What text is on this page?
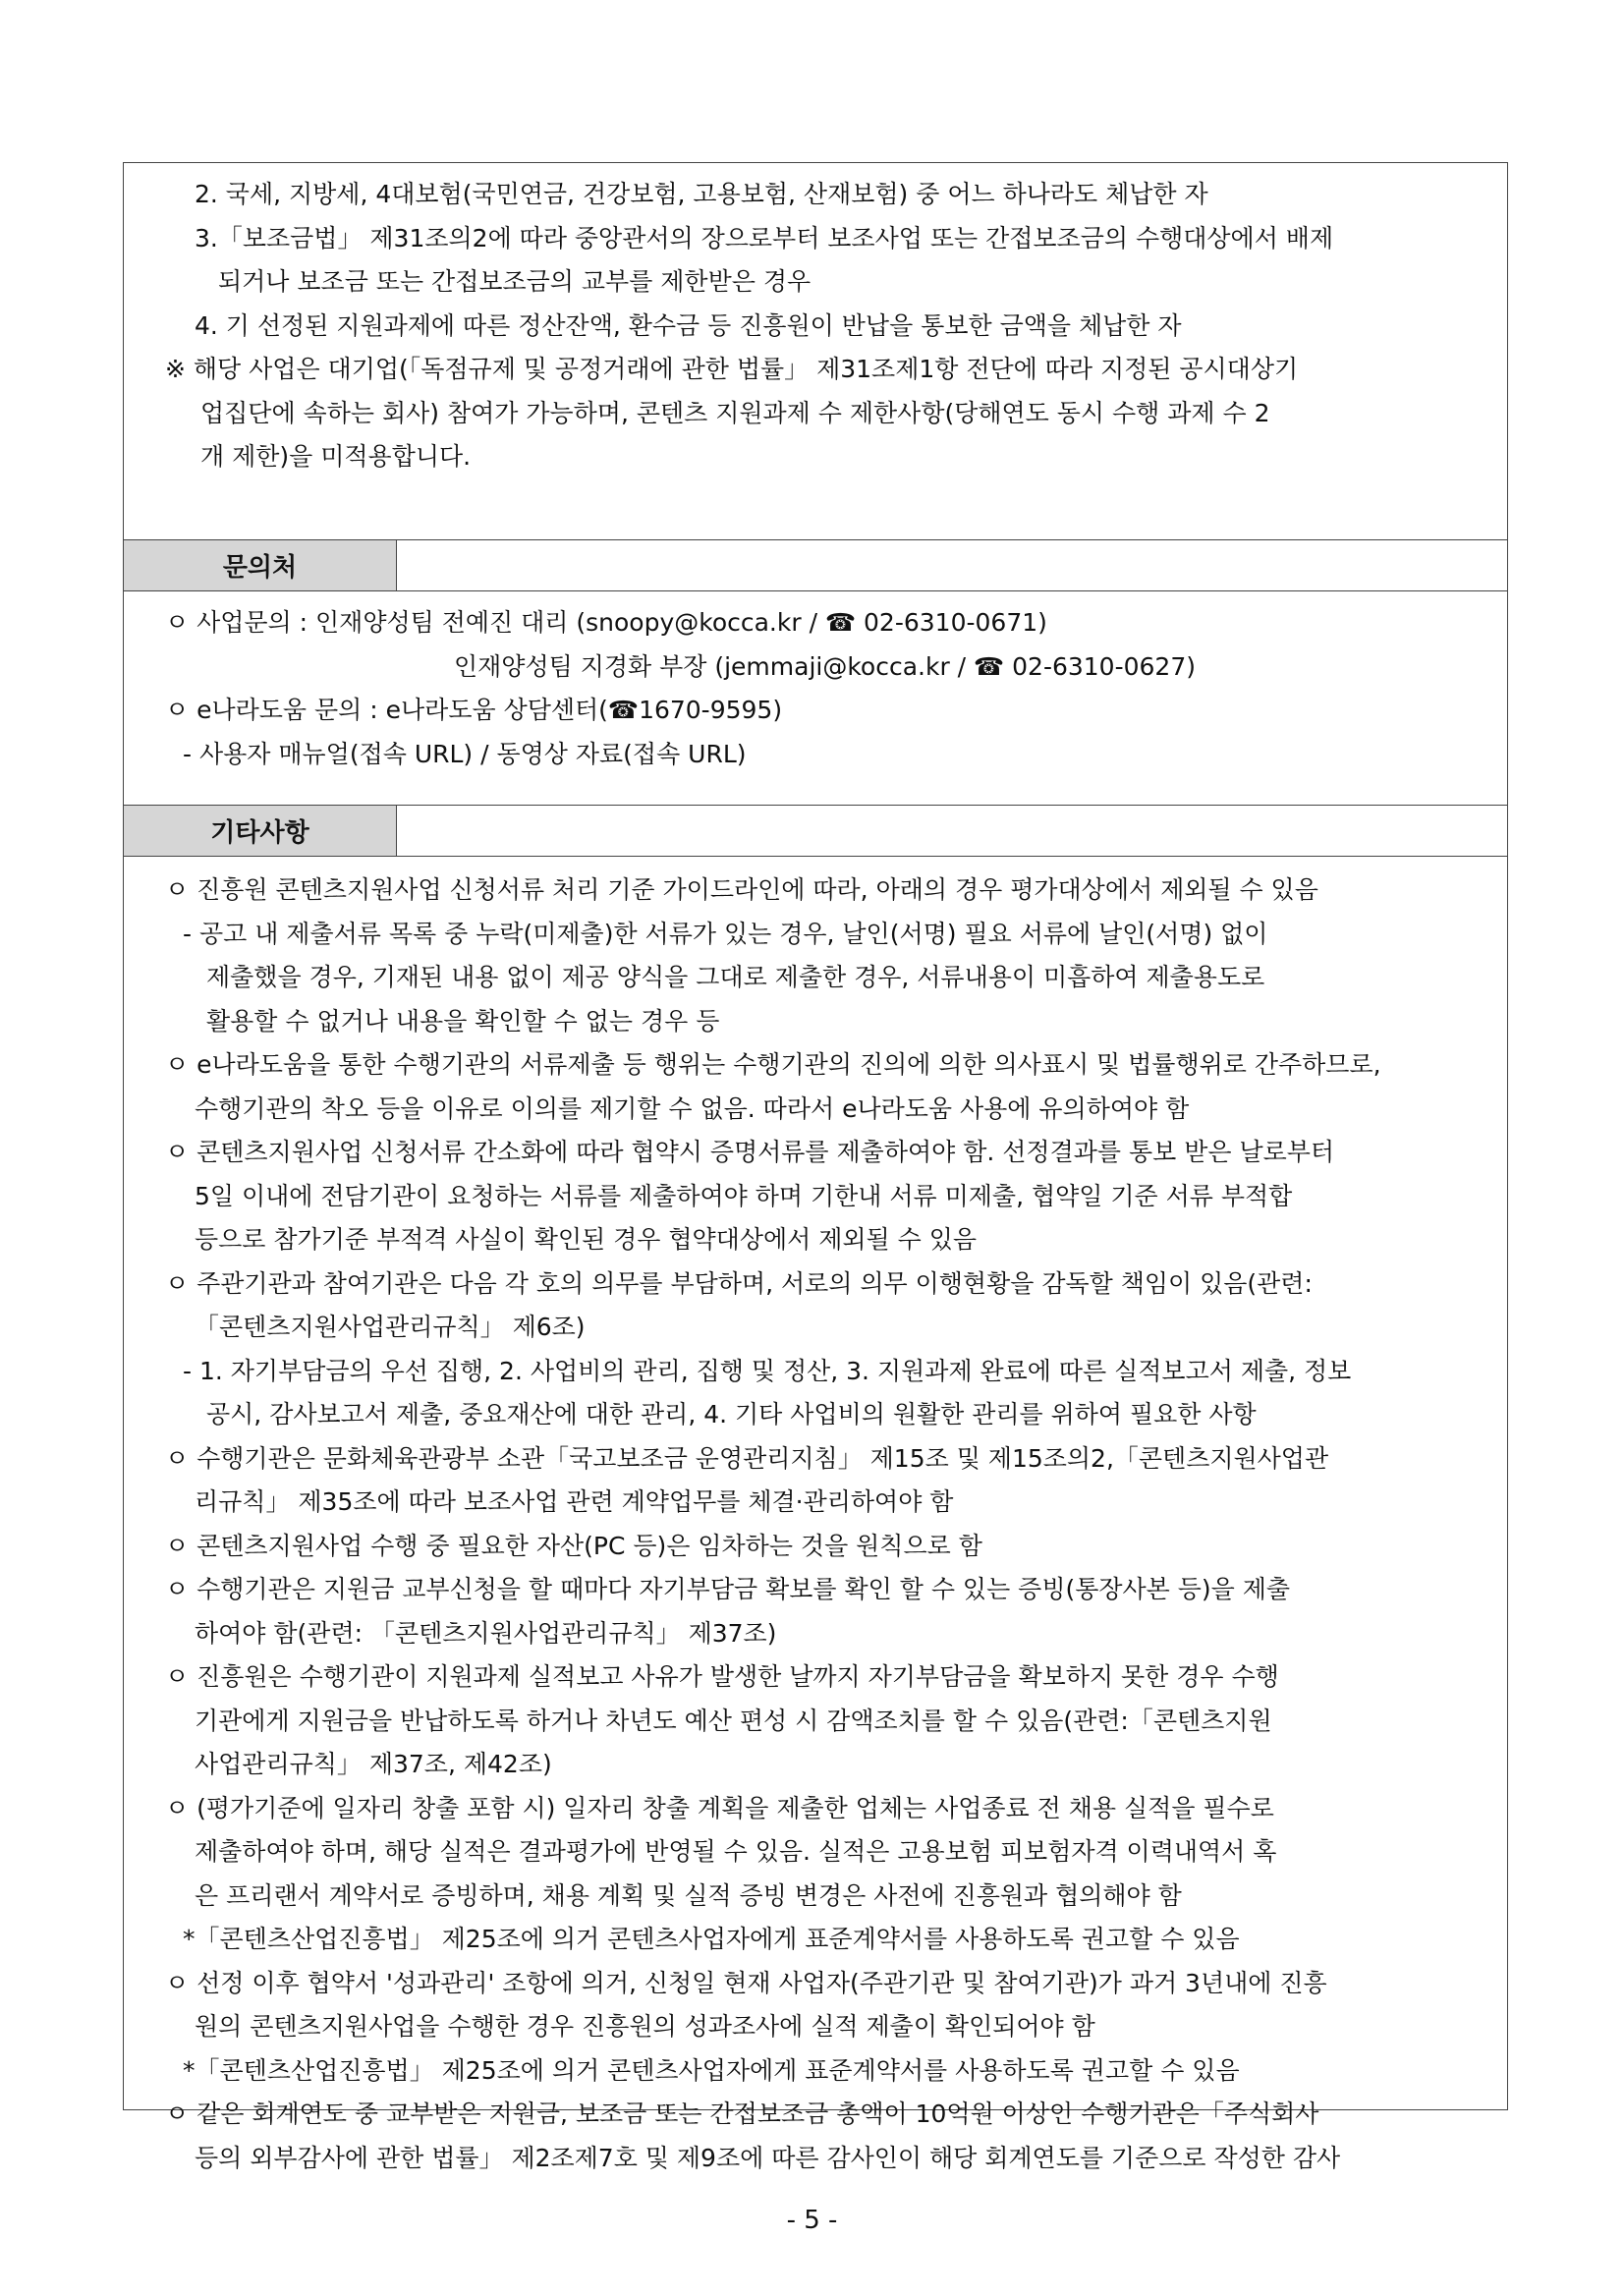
2. 국세, 지방세, 4대보험(국민연금, 건강보험, 고용보험, 산재보험) 중 어느 하나라도 체납한 자
3.「보조금법」 제31조의2에 따라 중앙관서의 장으로부터 보조사업 또는 간접보조금의 수행대상에서 배제
되거나 보조금 또는 간접보조금의 교부를 제한받은 경우
4. 기 선정된 지원과제에 따른 정산잔액, 환수금 등 진흥원이 반납을 통보한 금액을 체납한 자
※ 해당 사업은 대기업(「독점규제 및 공정거래에 관한 법률」 제31조제1항 전단에 따라 지정된 공시대상기
업집단에 속하는 회사) 참여가 가능하며, 콘텐츠 지원과제 수 제한사항(당해연도 동시 수행 과제 수 2
개 제한)을 미적용합니다.
문의처
ㅇ 사업문의 : 인재양성팀 전예진 대리 (snoopy@kocca.kr / ☎ 02-6310-0671)
인재양성팀 지경화 부장 (jemmaji@kocca.kr / ☎ 02-6310-0627)
ㅇ e나라도움 문의 : e나라도움 상담센터(☎1670-9595)
- 사용자 매뉴얼(접속 URL) / 동영상 자료(접속 URL)
기타사항
ㅇ 진흥원 콘텐츠지원사업 신청서류 처리 기준 가이드라인에 따라, 아래의 경우 평가대상에서 제외될 수 있음
- 공고 내 제출서류 목록 중 누락(미제출)한 서류가 있는 경우, 날인(서명) 필요 서류에 날인(서명) 없이
제출했을 경우, 기재된 내용 없이 제공 양식을 그대로 제출한 경우, 서류내용이 미흡하여 제출용도로
활용할 수 없거나 내용을 확인할 수 없는 경우 등
ㅇ e나라도움을 통한 수행기관의 서류제출 등 행위는 수행기관의 진의에 의한 의사표시 및 법률행위로 간주하므로,
수행기관의 착오 등을 이유로 이의를 제기할 수 없음. 따라서 e나라도움 사용에 유의하여야 함
ㅇ 콘텐츠지원사업 신청서류 간소화에 따라 협약시 증명서류를 제출하여야 함. 선정결과를 통보 받은 날로부터
5일 이내에 전담기관이 요청하는 서류를 제출하여야 하며 기한내 서류 미제출, 협약일 기준 서류 부적합
등으로 참가기준 부적격 사실이 확인된 경우 협약대상에서 제외될 수 있음
ㅇ 주관기관과 참여기관은 다음 각 호의 의무를 부담하며, 서로의 의무 이행현황을 감독할 책임이 있음(관련:
「콘텐츠지원사업관리규칙」 제6조)
- 1. 자기부담금의 우선 집행, 2. 사업비의 관리, 집행 및 정산, 3. 지원과제 완료에 따른 실적보고서 제출, 정보
공시, 감사보고서 제출, 중요재산에 대한 관리, 4. 기타 사업비의 원활한 관리를 위하여 필요한 사항
ㅇ 수행기관은 문화체육관광부 소관「국고보조금 운영관리지침」 제15조 및 제15조의2,「콘텐츠지원사업관
리규칙」 제35조에 따라 보조사업 관련 계약업무를 체결·관리하여야 함
ㅇ 콘텐츠지원사업 수행 중 필요한 자산(PC 등)은 임차하는 것을 원칙으로 함
ㅇ 수행기관은 지원금 교부신청을 할 때마다 자기부담금 확보를 확인 할 수 있는 증빙(통장사본 등)을 제출
하여야 함(관련: 「콘텐츠지원사업관리규칙」 제37조)
ㅇ 진흥원은 수행기관이 지원과제 실적보고 사유가 발생한 날까지 자기부담금을 확보하지 못한 경우 수행
기관에게 지원금을 반납하도록 하거나 차년도 예산 편성 시 감액조치를 할 수 있음(관련:「콘텐츠지원
사업관리규칙」 제37조, 제42조)
ㅇ (평가기준에 일자리 창출 포함 시) 일자리 창출 계획을 제출한 업체는 사업종료 전 채용 실적을 필수로
제출하여야 하며, 해당 실적은 결과평가에 반영될 수 있음. 실적은 고용보험 피보험자격 이력내역서 혹
은 프리랜서 계약서로 증빙하며, 채용 계획 및 실적 증빙 변경은 사전에 진흥원과 협의해야 함
*「콘텐츠산업진흥법」 제25조에 의거 콘텐츠사업자에게 표준계약서를 사용하도록 권고할 수 있음
ㅇ 선정 이후 협약서 '성과관리' 조항에 의거, 신청일 현재 사업자(주관기관 및 참여기관)가 과거 3년내에 진흥
원의 콘텐츠지원사업을 수행한 경우 진흥원의 성과조사에 실적 제출이 확인되어야 함
*「콘텐츠산업진흥법」 제25조에 의거 콘텐츠사업자에게 표준계약서를 사용하도록 권고할 수 있음
ㅇ 같은 회계연도 중 교부받은 지원금, 보조금 또는 간접보조금 총액이 10억원 이상인 수행기관은「주식회사
등의 외부감사에 관한 법률」 제2조제7호 및 제9조에 따른 감사인이 해당 회계연도를 기준으로 작성한 감사
- 5 -
